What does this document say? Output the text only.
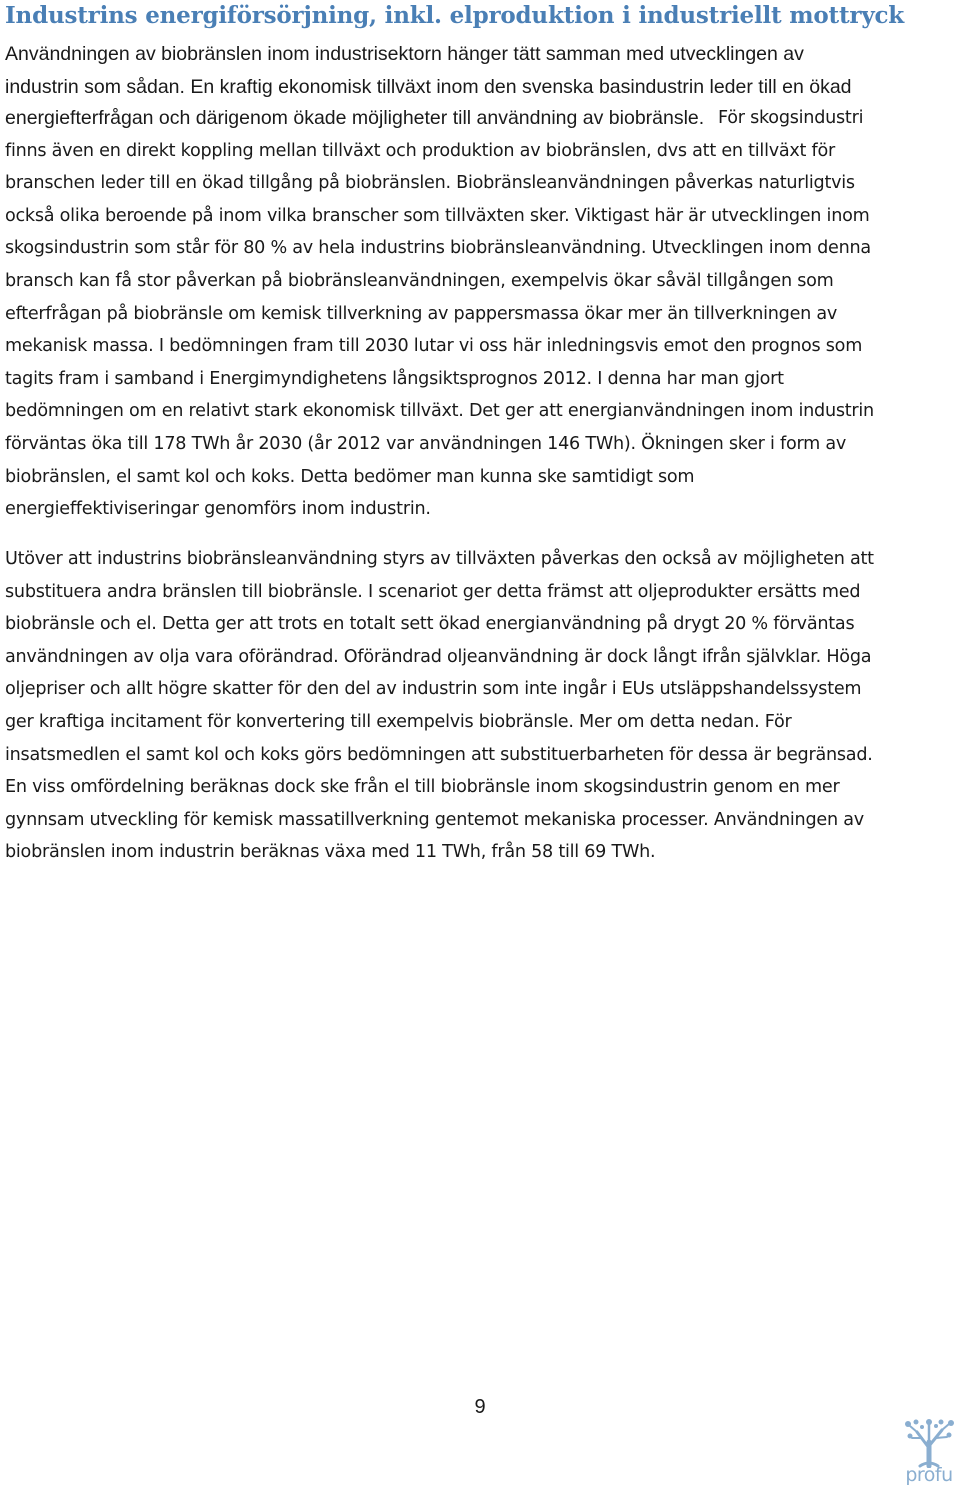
Industrins energiförsörjning, inkl. elproduktion i industriellt mottryck
Användningen av biobränslen inom industrisektorn hänger tätt samman med utvecklingen av
industrin som sådan. En kraftig ekonomisk tillväxt inom den svenska basindustrin leder till en ökad
energiefterfrågan och därigenom ökade möjligheter till användning av biobränsle. För skogsindustri
finns även en direkt koppling mellan tillväxt och produktion av biobränslen, dvs att en tillväxt för
branschen leder till en ökad tillgång på biobränslen. Biobränsleanvändningen påverkas naturligtvis
också olika beroende på inom vilka branscher som tillväxten sker. Viktigast här är utvecklingen inom
skogsindustrin som står för 80 % av hela industrins biobränsleanvändning. Utvecklingen inom denna
bransch kan få stor påverkan på biobränsleanvändningen, exempelvis ökar såväl tillgången som
efterfrågan på biobränsle om kemisk tillverkning av pappersmassa ökar mer än tillverkningen av
mekanisk massa. I bedömningen fram till 2030 lutar vi oss här inledningsvis emot den prognos som
tagits fram i samband i Energimyndighetens långsiktsprognos 2012. I denna har man gjort
bedömningen om en relativt stark ekonomisk tillväxt. Det ger att energianvändningen inom industrin
förväntas öka till 178 TWh år 2030 (år 2012 var användningen 146 TWh). Ökningen sker i form av
biobränslen, el samt kol och koks. Detta bedömer man kunna ske samtidigt som
energieffektiviseringar genomförs inom industrin.
Utöver att industrins biobränsleanvändning styrs av tillväxten påverkas den också av möjligheten att
substituera andra bränslen till biobränsle. I scenariot ger detta främst att oljeprodukter ersätts med
biobränsle och el. Detta ger att trots en totalt sett ökad energianvändning på drygt 20 % förväntas
användningen av olja vara oförändrad. Oförändrad oljeanvändning är dock långt ifrån självklar. Höga
oljepriser och allt högre skatter för den del av industrin som inte ingår i EUs utsläppshandelssystem
ger kraftiga incitament för konvertering till exempelvis biobränsle. Mer om detta nedan. För
insatsmedlen el samt kol och koks görs bedömningen att substituerbarheten för dessa är begränsad.
En viss omfördelning beräknas dock ske från el till biobränsle inom skogsindustrin genom en mer
gynnsam utveckling för kemisk massatillverkning gentemot mekaniska processer. Användningen av
biobränslen inom industrin beräknas växa med 11 TWh, från 58 till 69 TWh.
9
profu
